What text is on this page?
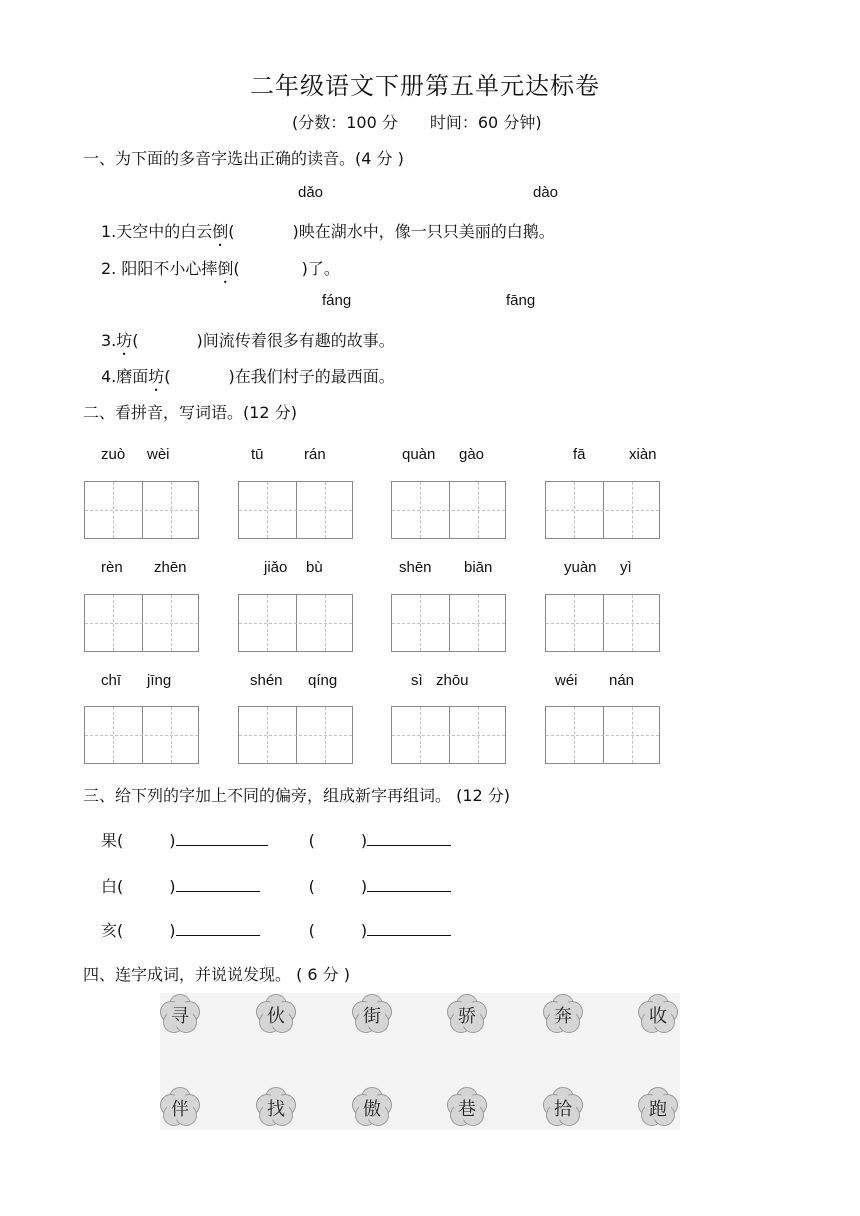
二年级语文下册第五单元达标卷
(分数：100 分　　时间：60 分钟)
一、为下面的多音字选出正确的读音。(4 分 )
dǎo	dào
1.天空中的白云倒(	)映在湖水中，像一只只美丽的白鹅。
2. 阳阳不小心摔倒(	)了。
fáng	fānɡ
3.坊(	)间流传着很多有趣的故事。
4.磨面坊(	)在我们村子的最西面。
二、看拼音，写词语。(12 分)
zuò wèi	tū	rán	quàn gào	fā	xiàn
rèn zhēn	jiǎo bù	shēn biān	yuàn yì
chī jīng	shén qíng	sì zhōu	wéi nán
三、给下列的字加上不同的偏旁，组成新字再组词。 (12 分)
果(	)	(	)
白(	)	(	)
亥(	)	(	)
四、连字成词，并说说发现。 ( 6 分 )
寻	伙	街	骄	奔	收
伴	找	傲	巷	拾	跑
